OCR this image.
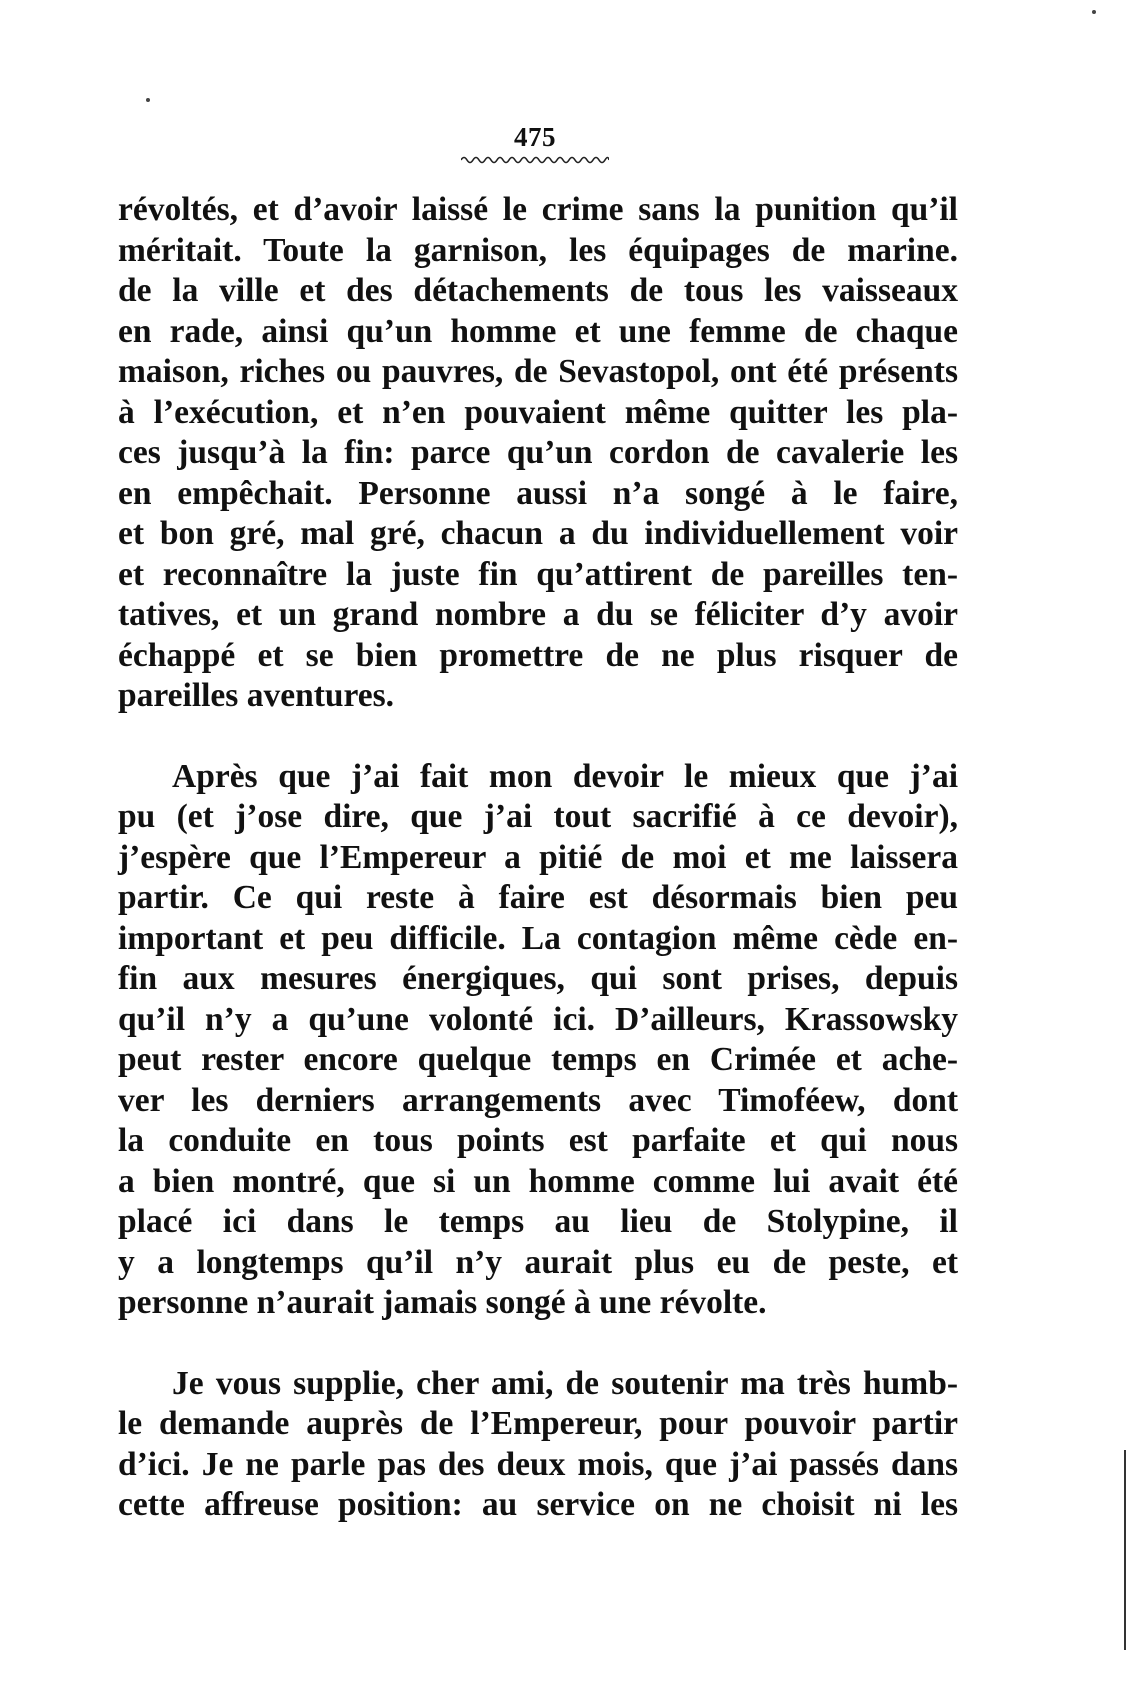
475
révoltés, et d’avoir laissé le crime sans la punition qu’il
méritait. Toute la garnison, les équipages de marine.
de la ville et des détachements de tous les vaisseaux
en rade, ainsi qu’un homme et une femme de chaque
maison, riches ou pauvres, de Sevastopol, ont été présents
à l’exécution, et n’en pouvaient même quitter les pla-
ces jusqu’à la fin: parce qu’un cordon de cavalerie les
en empêchait. Personne aussi n’a songé à le faire,
et bon gré, mal gré, chacun a du individuellement voir
et reconnaître la juste fin qu’attirent de pareilles ten-
tatives, et un grand nombre a du se féliciter d’y avoir
échappé et se bien promettre de ne plus risquer de
pareilles aventures.
Après que j’ai fait mon devoir le mieux que j’ai
pu (et j’ose dire, que j’ai tout sacrifié à ce devoir),
j’espère que l’Empereur a pitié de moi et me laissera
partir. Ce qui reste à faire est désormais bien peu
important et peu difficile. La contagion même cède en-
fin aux mesures énergiques, qui sont prises, depuis
qu’il n’y a qu’une volonté ici. D’ailleurs, Krassowsky
peut rester encore quelque temps en Crimée et ache-
ver les derniers arrangements avec Timoféew, dont
la conduite en tous points est parfaite et qui nous
a bien montré, que si un homme comme lui avait été
placé ici dans le temps au lieu de Stolypine, il
y a longtemps qu’il n’y aurait plus eu de peste, et
personne n’aurait jamais songé à une révolte.
Je vous supplie, cher ami, de soutenir ma très humb-
le demande auprès de l’Empereur, pour pouvoir partir
d’ici. Je ne parle pas des deux mois, que j’ai passés dans
cette affreuse position: au service on ne choisit ni les
